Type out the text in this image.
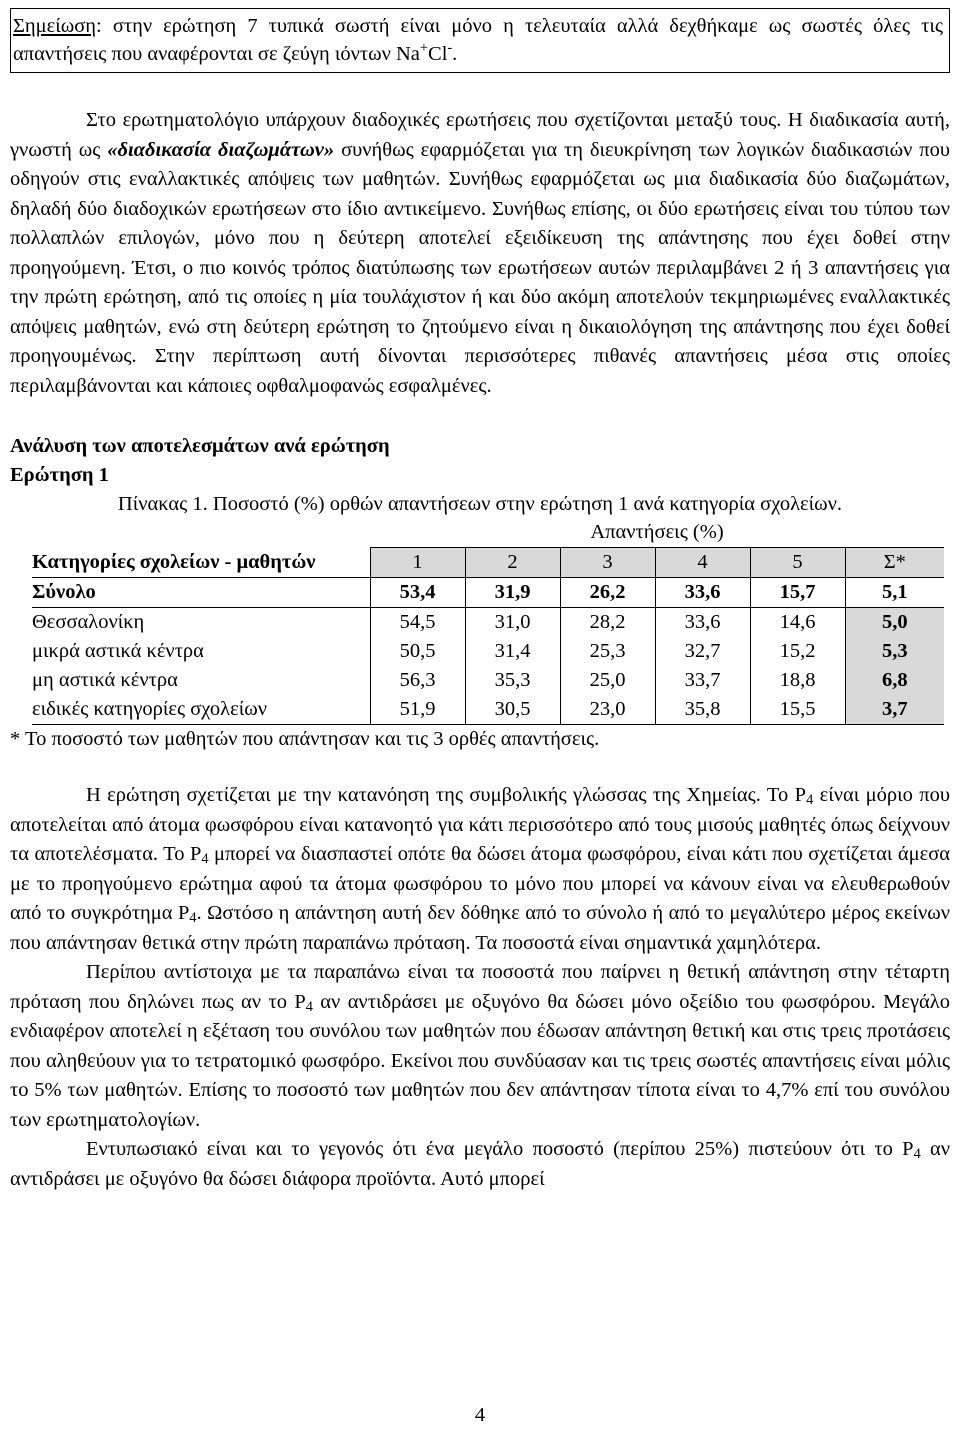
Σημείωση: στην ερώτηση 7 τυπικά σωστή είναι μόνο η τελευταία αλλά δεχθήκαμε ως σωστές όλες τις απαντήσεις που αναφέρονται σε ζεύγη ιόντων Na+Cl-.

Στο ερωτηματολόγιο υπάρχουν διαδοχικές ερωτήσεις που σχετίζονται μεταξύ τους. Η διαδικασία αυτή, γνωστή ως «διαδικασία διαζωμάτων» συνήθως εφαρμόζεται για τη διευκρίνηση των λογικών διαδικασιών που οδηγούν στις εναλλακτικές απόψεις των μαθητών. Συνήθως εφαρμόζεται ως μια διαδικασία δύο διαζωμάτων, δηλαδή δύο διαδοχικών ερωτήσεων στο ίδιο αντικείμενο. Συνήθως επίσης, οι δύο ερωτήσεις είναι του τύπου των πολλαπλών επιλογών, μόνο που η δεύτερη αποτελεί εξειδίκευση της απάντησης που έχει δοθεί στην προηγούμενη. Έτσι, ο πιο κοινός τρόπος διατύπωσης των ερωτήσεων αυτών περιλαμβάνει 2 ή 3 απαντήσεις για την πρώτη ερώτηση, από τις οποίες η μία τουλάχιστον ή και δύο ακόμη αποτελούν τεκμηριωμένες εναλλακτικές απόψεις μαθητών, ενώ στη δεύτερη ερώτηση το ζητούμενο είναι η δικαιολόγηση της απάντησης που έχει δοθεί προηγουμένως. Στην περίπτωση αυτή δίνονται περισσότερες πιθανές απαντήσεις μέσα στις οποίες περιλαμβάνονται και κάποιες οφθαλμοφανώς εσφαλμένες.

Ανάλυση των αποτελεσμάτων ανά ερώτηση
Ερώτηση 1
Πίνακας 1. Ποσοστό (%) ορθών απαντήσεων στην ερώτηση 1 ανά κατηγορία σχολείων.
	Απαντήσεις (%)					
Κατηγορίες σχολείων - μαθητών	1	2	3	4	5	Σ*

Σύνολο	53,4	31,9	26,2	33,6	15,7	5,1
Θεσσαλονίκη	54,5	31,0	28,2	33,6	14,6	5,0
μικρά αστικά κέντρα	50,5	31,4	25,3	32,7	15,2	5,3
μη αστικά κέντρα	56,3	35,3	25,0	33,7	18,8	6,8
ειδικές κατηγορίες σχολείων	51,9	30,5	23,0	35,8	15,5	3,7
* Το ποσοστό των μαθητών που απάντησαν και τις 3 ορθές απαντήσεις.

Η ερώτηση σχετίζεται με την κατανόηση της συμβολικής γλώσσας της Χημείας. Το $P_4$ είναι μόριο που αποτελείται από άτομα φωσφόρου είναι κατανοητό για κάτι περισσότερο από τους μισούς μαθητές όπως δείχνουν τα αποτελέσματα. Το $P_4$ μπορεί να διασπαστεί οπότε θα δώσει άτομα φωσφόρου, είναι κάτι που σχετίζεται άμεσα με το προηγούμενο ερώτημα αφού τα άτομα φωσφόρου το μόνο που μπορεί να κάνουν είναι να ελευθερωθούν από το συγκρότημα $P_4$. Ωστόσο η απάντηση αυτή δεν δόθηκε από το σύνολο ή από το μεγαλύτερο μέρος εκείνων που απάντησαν θετικά στην πρώτη παραπάνω πρόταση. Τα ποσοστά είναι σημαντικά χαμηλότερα.

Περίπου αντίστοιχα με τα παραπάνω είναι τα ποσοστά που παίρνει η θετική απάντηση στην τέταρτη πρόταση που δηλώνει πως αν το $P_4$ αν αντιδράσει με οξυγόνο θα δώσει μόνο οξείδιο του φωσφόρου. Μεγάλο ενδιαφέρον αποτελεί η εξέταση του συνόλου των μαθητών που έδωσαν απάντηση θετική και στις τρεις προτάσεις που αληθεύουν για το τετρατομικό φωσφόρο. Εκείνοι που συνδύασαν και τις τρεις σωστές απαντήσεις είναι μόλις το 5% των μαθητών. Επίσης το ποσοστό των μαθητών που δεν απάντησαν τίποτα είναι το 4,7% επί του συνόλου των ερωτηματολογίων.

Εντυπωσιακό είναι και το γεγονός ότι ένα μεγάλο ποσοστό (περίπου 25%) πιστεύουν ότι το $P_4$ αν αντιδράσει με οξυγόνο θα δώσει διάφορα προϊόντα. Αυτό μπορεί

4
